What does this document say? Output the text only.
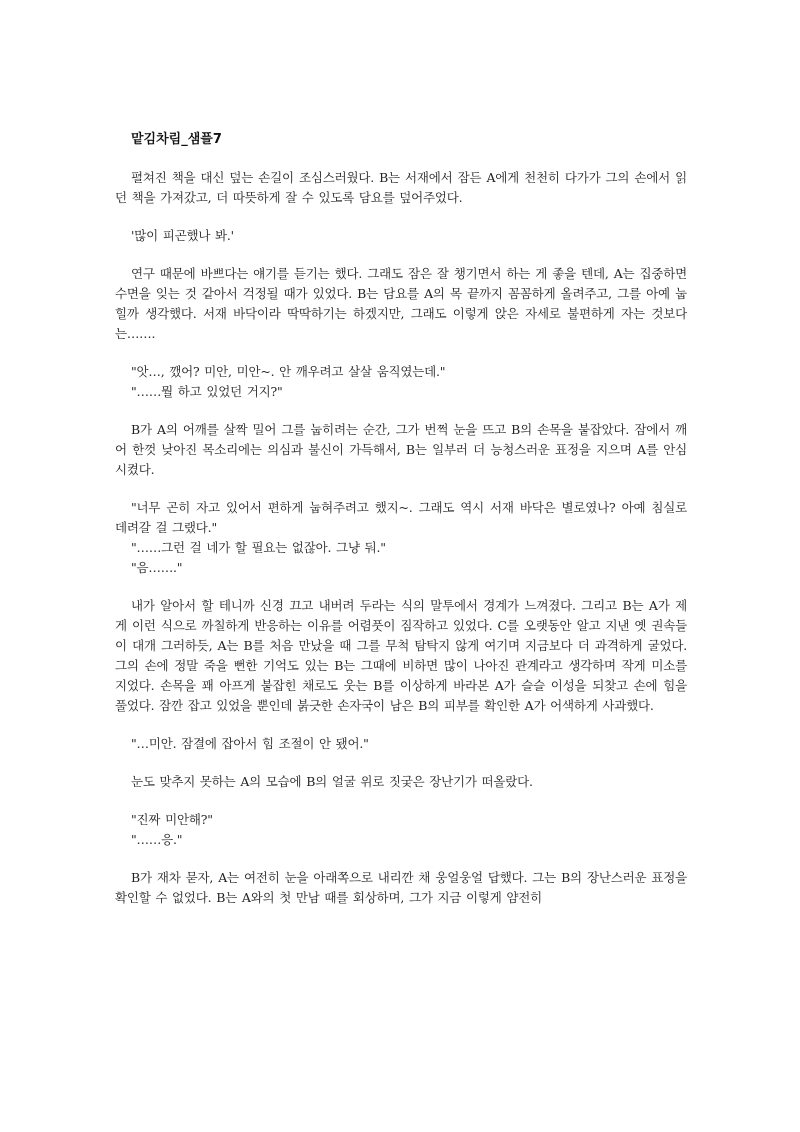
맡김차림_샘플7

펼쳐진 책을 대신 덮는 손길이 조심스러웠다. B는 서재에서 잠든 A에게 천천히 다가가 그의 손에서 읽던 책을 가져갔고, 더 따뜻하게 잘 수 있도록 담요를 덮어주었다.

'많이 피곤했나 봐.'

연구 때문에 바쁘다는 얘기를 듣기는 했다. 그래도 잠은 잘 챙기면서 하는 게 좋을 텐데, A는 집중하면 수면을 잊는 것 같아서 걱정될 때가 있었다. B는 담요를 A의 목 끝까지 꼼꼼하게 올려주고, 그를 아예 눕힐까 생각했다. 서재 바닥이라 딱딱하기는 하겠지만, 그래도 이렇게 앉은 자세로 불편하게 자는 것보다는…….

"앗…, 깼어? 미안, 미안~. 안 깨우려고 살살 움직였는데."

"……뭘 하고 있었던 거지?"

B가 A의 어깨를 살짝 밀어 그를 눕히려는 순간, 그가 번쩍 눈을 뜨고 B의 손목을 붙잡았다. 잠에서 깨어 한껏 낮아진 목소리에는 의심과 불신이 가득해서, B는 일부러 더 능청스러운 표정을 지으며 A를 안심시켰다.

"너무 곤히 자고 있어서 편하게 눕혀주려고 했지~. 그래도 역시 서재 바닥은 별로였나? 아예 침실로 데려갈 걸 그랬다."

"……그런 걸 네가 할 필요는 없잖아. 그냥 둬."

"음……."

내가 알아서 할 테니까 신경 끄고 내버려 두라는 식의 말투에서 경계가 느껴졌다. 그리고 B는 A가 제게 이런 식으로 까칠하게 반응하는 이유를 어렴풋이 짐작하고 있었다. C를 오랫동안 알고 지낸 옛 권속들이 대개 그러하듯, A는 B를 처음 만났을 때 그를 무척 탐탁지 않게 여기며 지금보다 더 과격하게 굴었다. 그의 손에 정말 죽을 뻔한 기억도 있는 B는 그때에 비하면 많이 나아진 관계라고 생각하며 작게 미소를 지었다. 손목을 꽤 아프게 붙잡힌 채로도 웃는 B를 이상하게 바라본 A가 슬슬 이성을 되찾고 손에 힘을 풀었다. 잠깐 잡고 있었을 뿐인데 붉긋한 손자국이 남은 B의 피부를 확인한 A가 어색하게 사과했다.

"…미안. 잠결에 잡아서 힘 조절이 안 됐어."

눈도 맞추지 못하는 A의 모습에 B의 얼굴 위로 짓궂은 장난기가 떠올랐다.

"진짜 미안해?"

"……응."

B가 재차 묻자, A는 여전히 눈을 아래쪽으로 내리깐 채 웅얼웅얼 답했다. 그는 B의 장난스러운 표정을 확인할 수 없었다. B는 A와의 첫 만남 때를 회상하며, 그가 지금 이렇게 얌전히
